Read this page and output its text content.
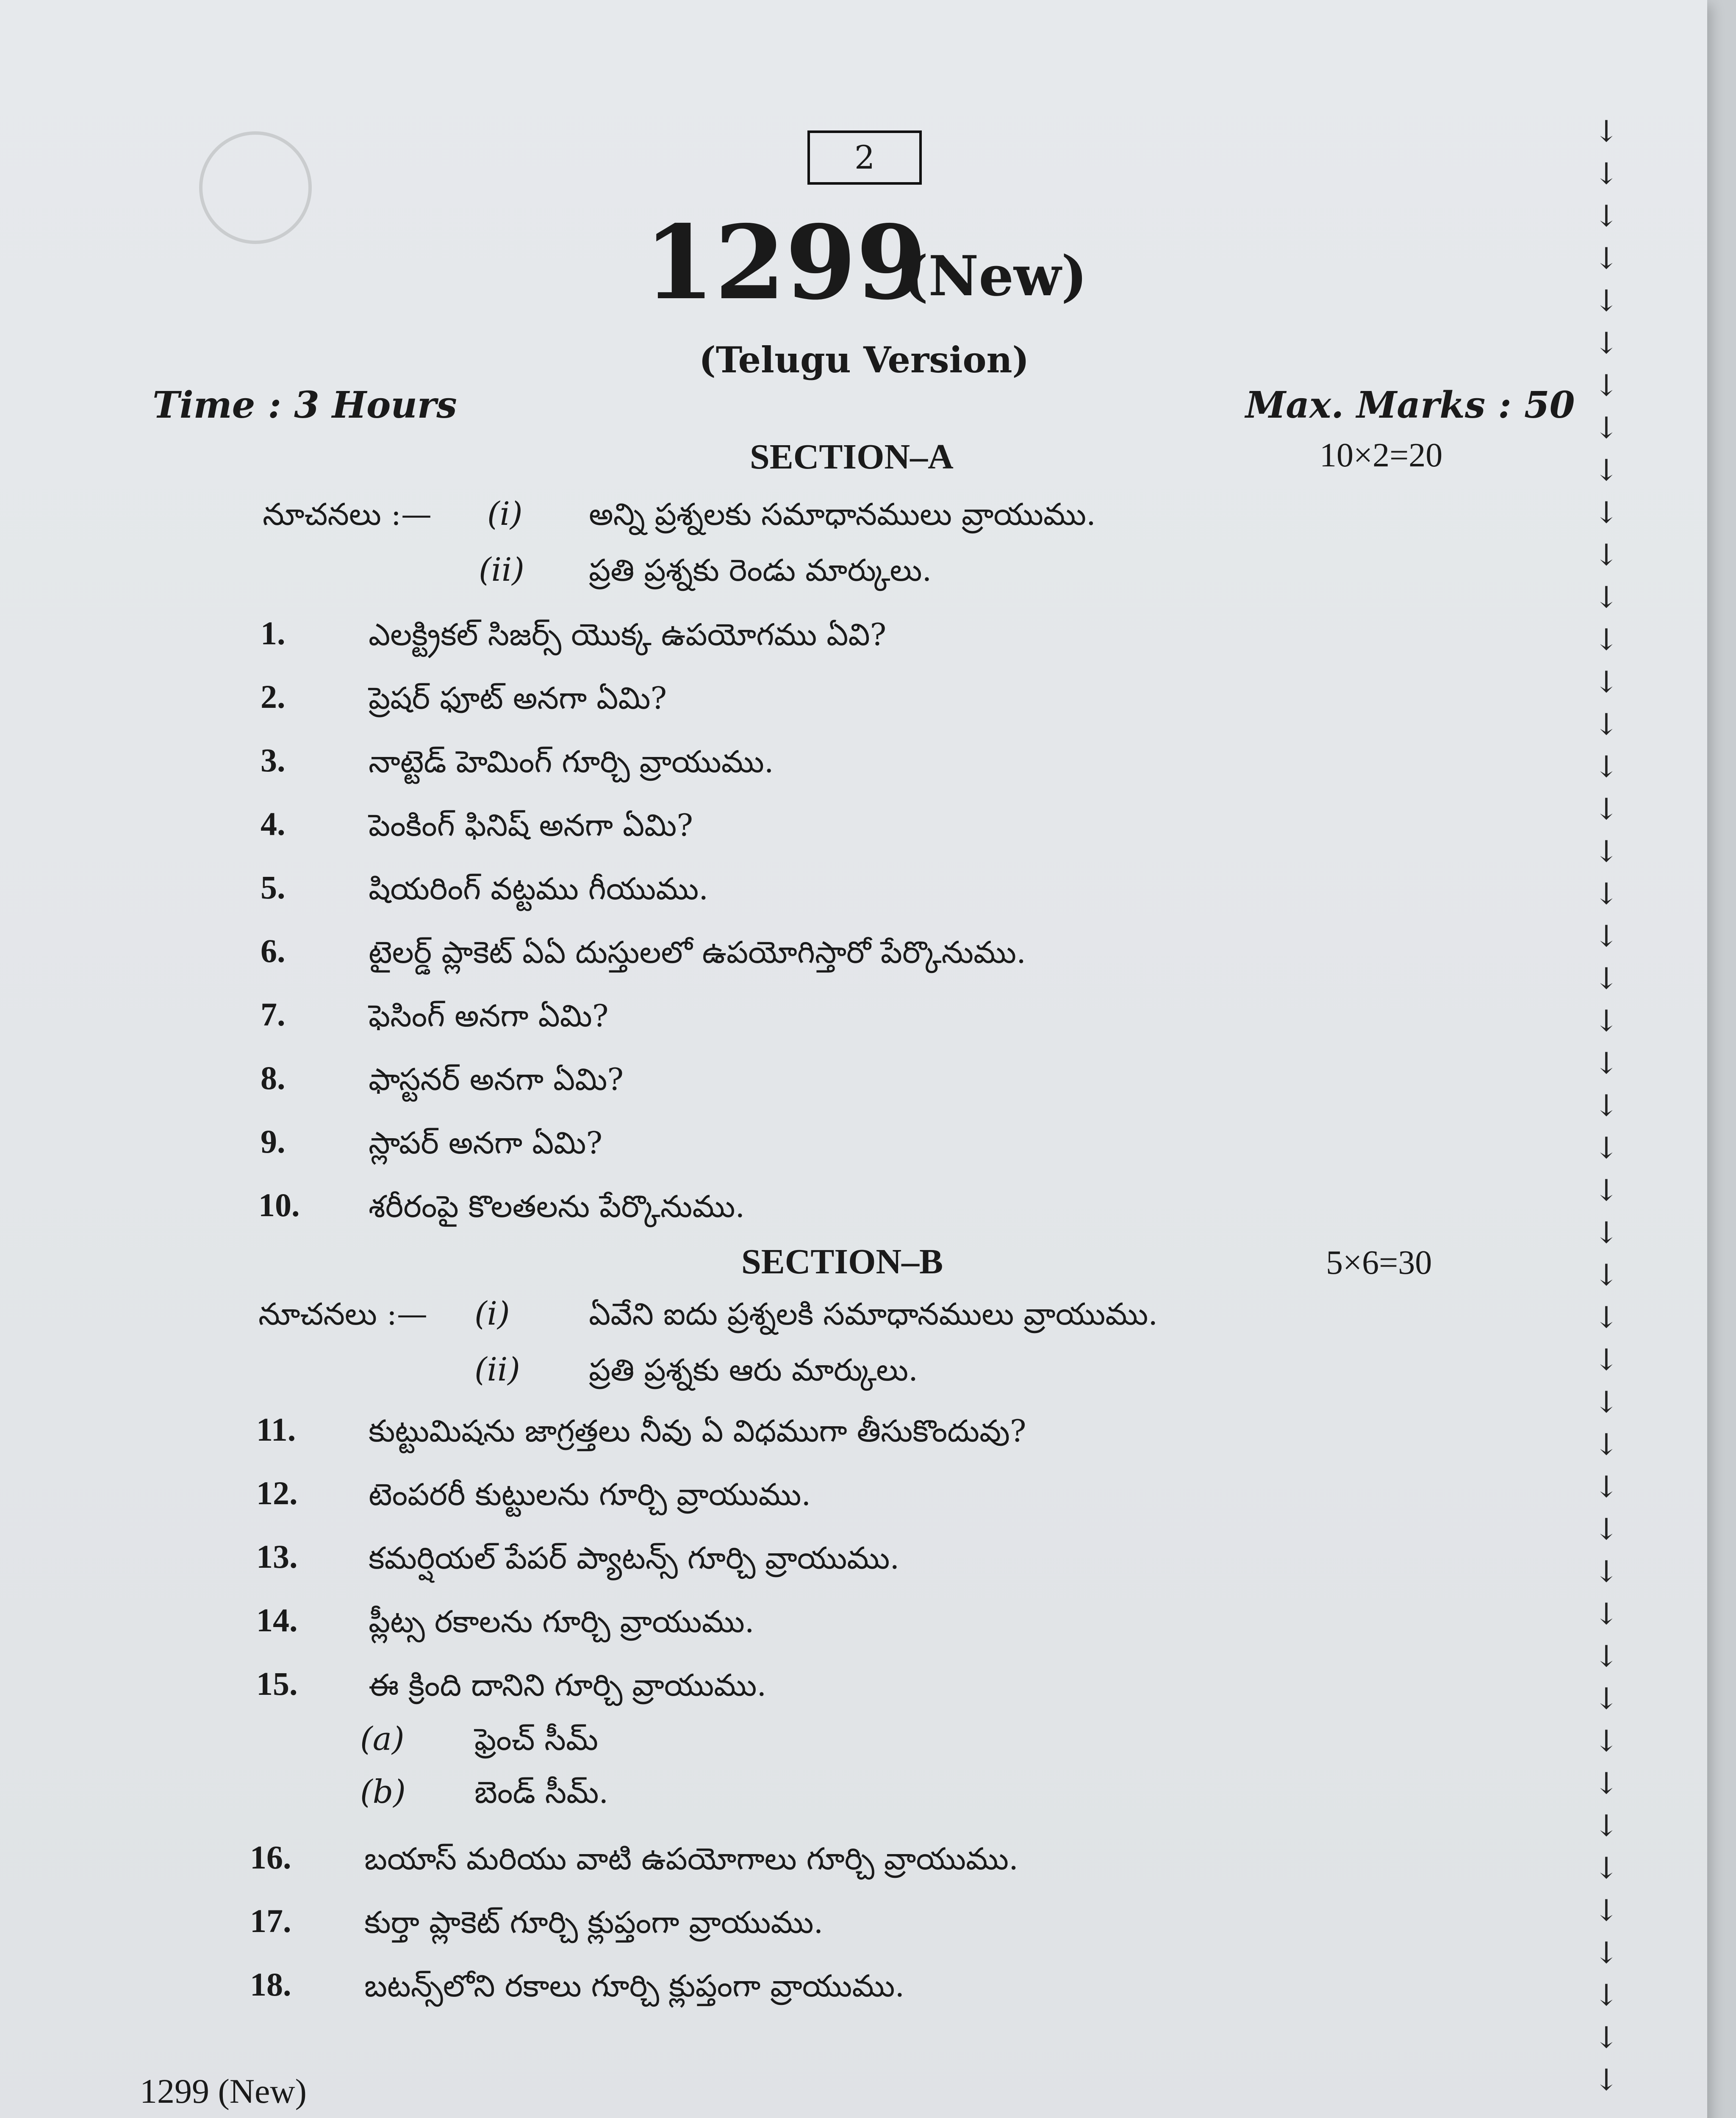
2
1299
(New)
(Telugu Version)
Time : 3 Hours	Max. Marks : 50
SECTION–A	10×2=20
నూచనలు :— (i) అన్ని ప్రశ్నలకు సమాధానములు వ్రాయుము.
(ii) ప్రతి ప్రశ్నకు రెండు మార్కులు.
1.	ఎలక్ట్రికల్ సిజర్స్ యొక్క ఉపయోగము ఏవి?
2.	ప్రెషర్ ఫూట్ అనగా ఏమి?
3.	నాట్టెడ్ హెమింగ్ గూర్చి వ్రాయుము.
4.	పెంకింగ్ ఫినిష్ అనగా ఏమి?
5.	షియరింగ్ వట్టము గీయుము.
6.	టైలర్డ్ ప్లాకెట్ ఏఏ దుస్తులలో ఉపయోగిస్తారో పేర్కొనుము.
7.	ఫెసింగ్ అనగా ఏమి?
8.	ఫాస్టనర్ అనగా ఏమి?
9.	స్లాపర్ అనగా ఏమి?
10. శరీరంపై కొలతలను పేర్కొనుము.
SECTION–B	5×6=30
నూచనలు :— (i)	ఏవేని ఐదు ప్రశ్నలకి సమాధానములు వ్రాయుము.
(ii) ప్రతి ప్రశ్నకు ఆరు మార్కులు.
11. కుట్టుమిషను జాగ్రత్తలు నీవు ఏ విధముగా తీసుకొందువు?
12. టెంపరరీ కుట్టులను గూర్చి వ్రాయుము.
13. కమర్షియల్ పేపర్ ప్యాటన్స్ గూర్చి వ్రాయుము.
14. ప్లీట్స రకాలను గూర్చి వ్రాయుము.
15. ఈ క్రింది దానిని గూర్చి వ్రాయుము.
(a) ఫ్రెంచ్ సీమ్
(b) బెండ్ సీమ్.
16. బయాస్ మరియు వాటి ఉపయోగాలు గూర్చి వ్రాయుము.
17. కుర్తా ప్లాకెట్ గూర్చి క్లుప్తంగా వ్రాయుము.
18. బటన్స్‌లోని రకాలు గూర్చి క్లుప్తంగా వ్రాయుము.
1299 (New)
↓
↓
↓
↓
↓
↓
↓
↓
↓
↓
↓
↓
↓
↓
↓
↓
↓
↓
↓
↓
↓
↓
↓
↓
↓
↓
↓
↓
↓
↓
↓
↓
↓
↓
↓
↓
↓
↓
↓
↓
↓
↓
↓
↓
↓
↓
↓
